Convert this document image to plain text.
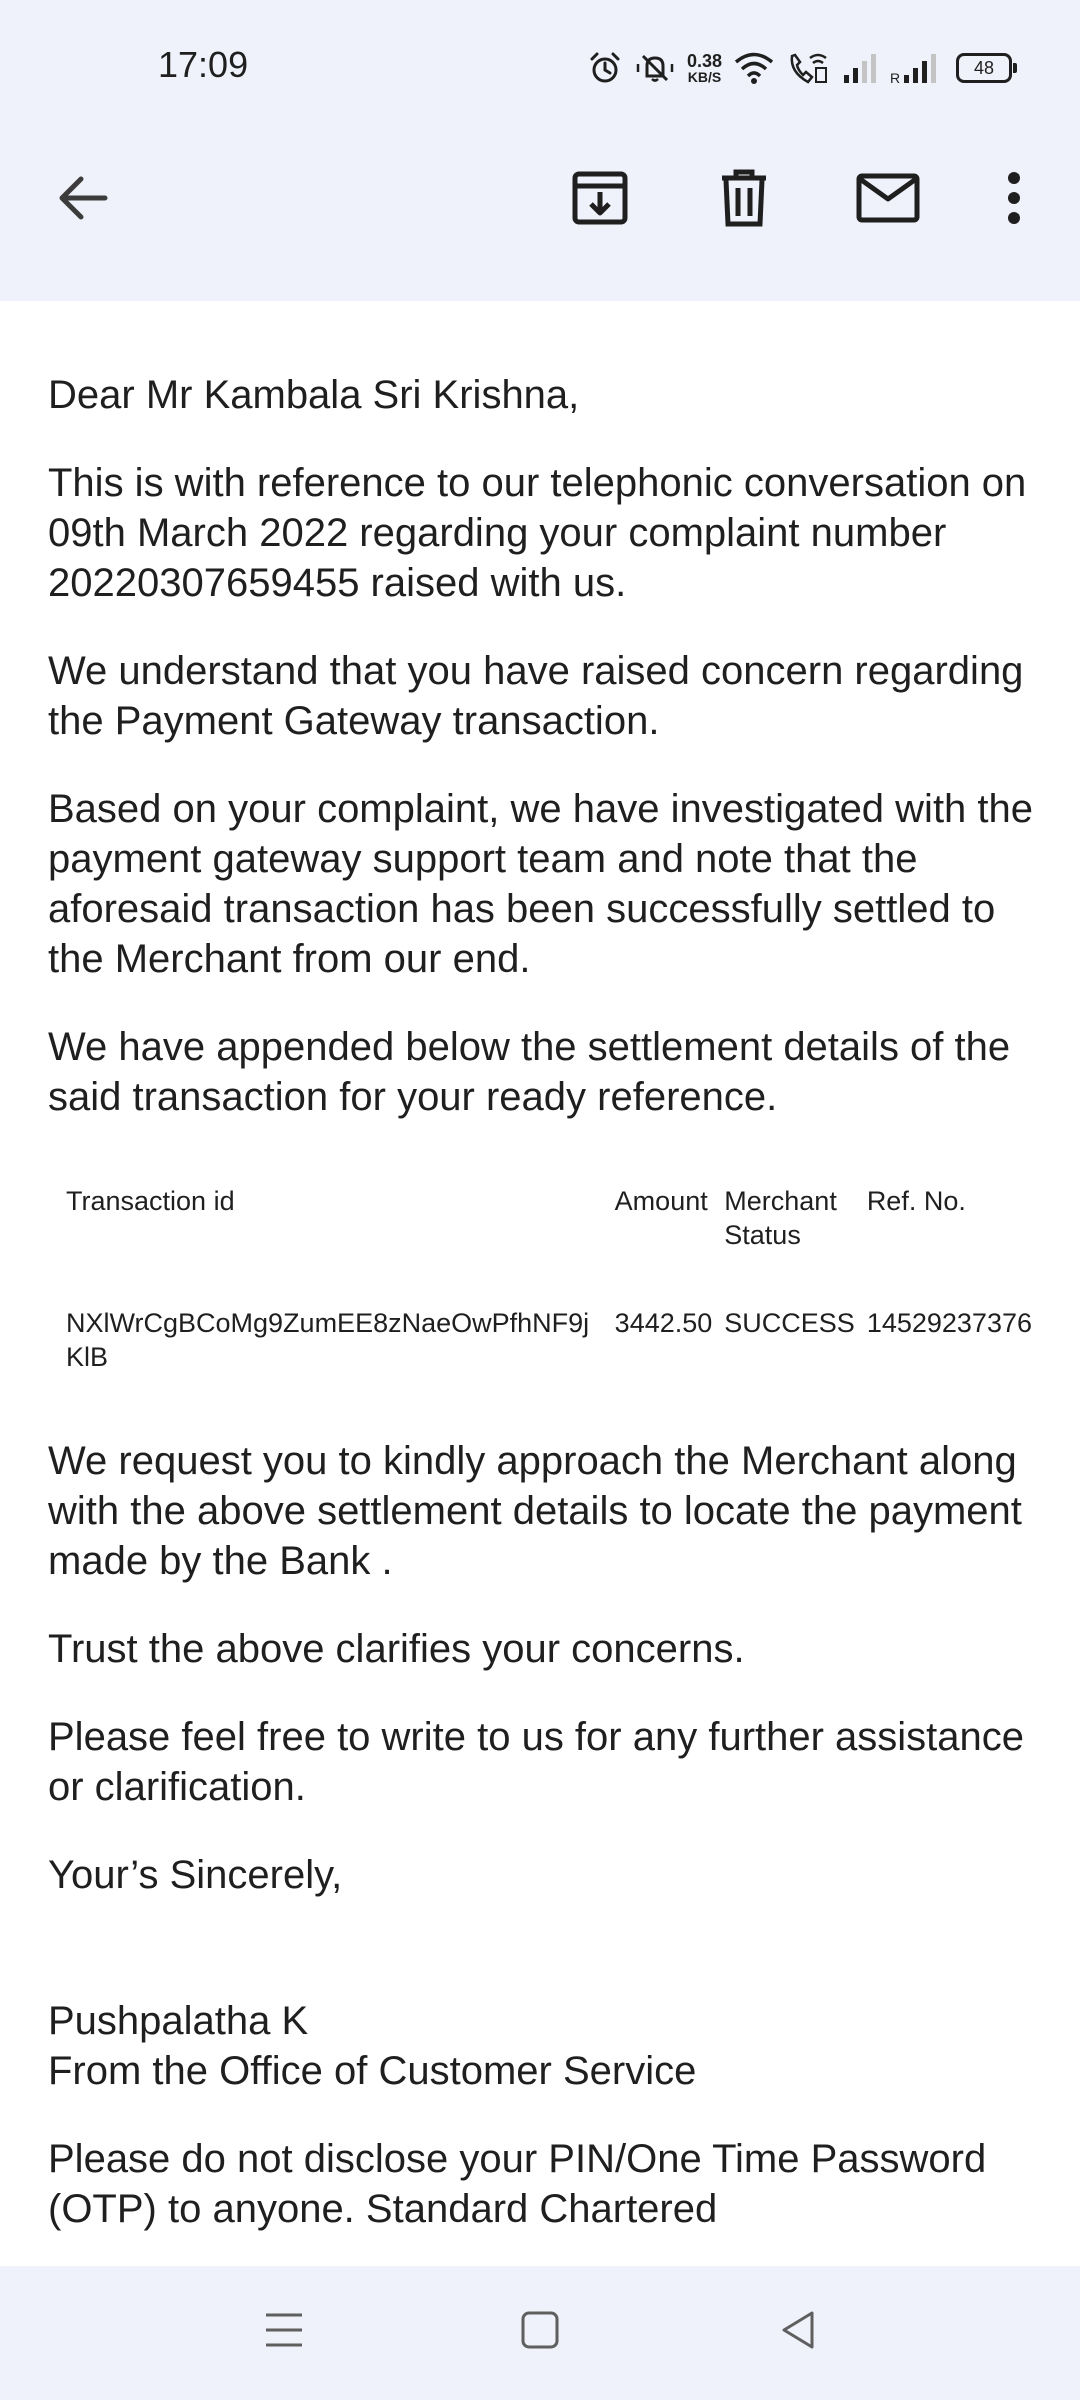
17:09	0.38
KB/S	R
48

Dear Mr Kambala Sri Krishna,

This is with reference to our telephonic conversation on 09th March 2022 regarding your complaint number 20220307659455 raised with us.

We understand that you have raised concern regarding the Payment Gateway transaction.

Based on your complaint, we have investigated with the payment gateway support team and note that the aforesaid transaction has been successfully settled to the Merchant from our end.

We have appended below the settlement details of the said transaction for your ready reference.

Transaction id	Amount	Merchant Status	Ref. No.

NXlWrCgBCoMg9ZumEE8zNaeOwPfhNF9jKlB	3442.50	SUCCESS	14529237376

We request you to kindly approach the Merchant along with the above settlement details to locate the payment made by the Bank .

Trust the above clarifies your concerns.

Please feel free to write to us for any further assistance or clarification.

Your’s Sincerely,

Pushpalatha K

From the Office of Customer Service

Please do not disclose your PIN/One Time Password (OTP) to anyone. Standard Chartered
